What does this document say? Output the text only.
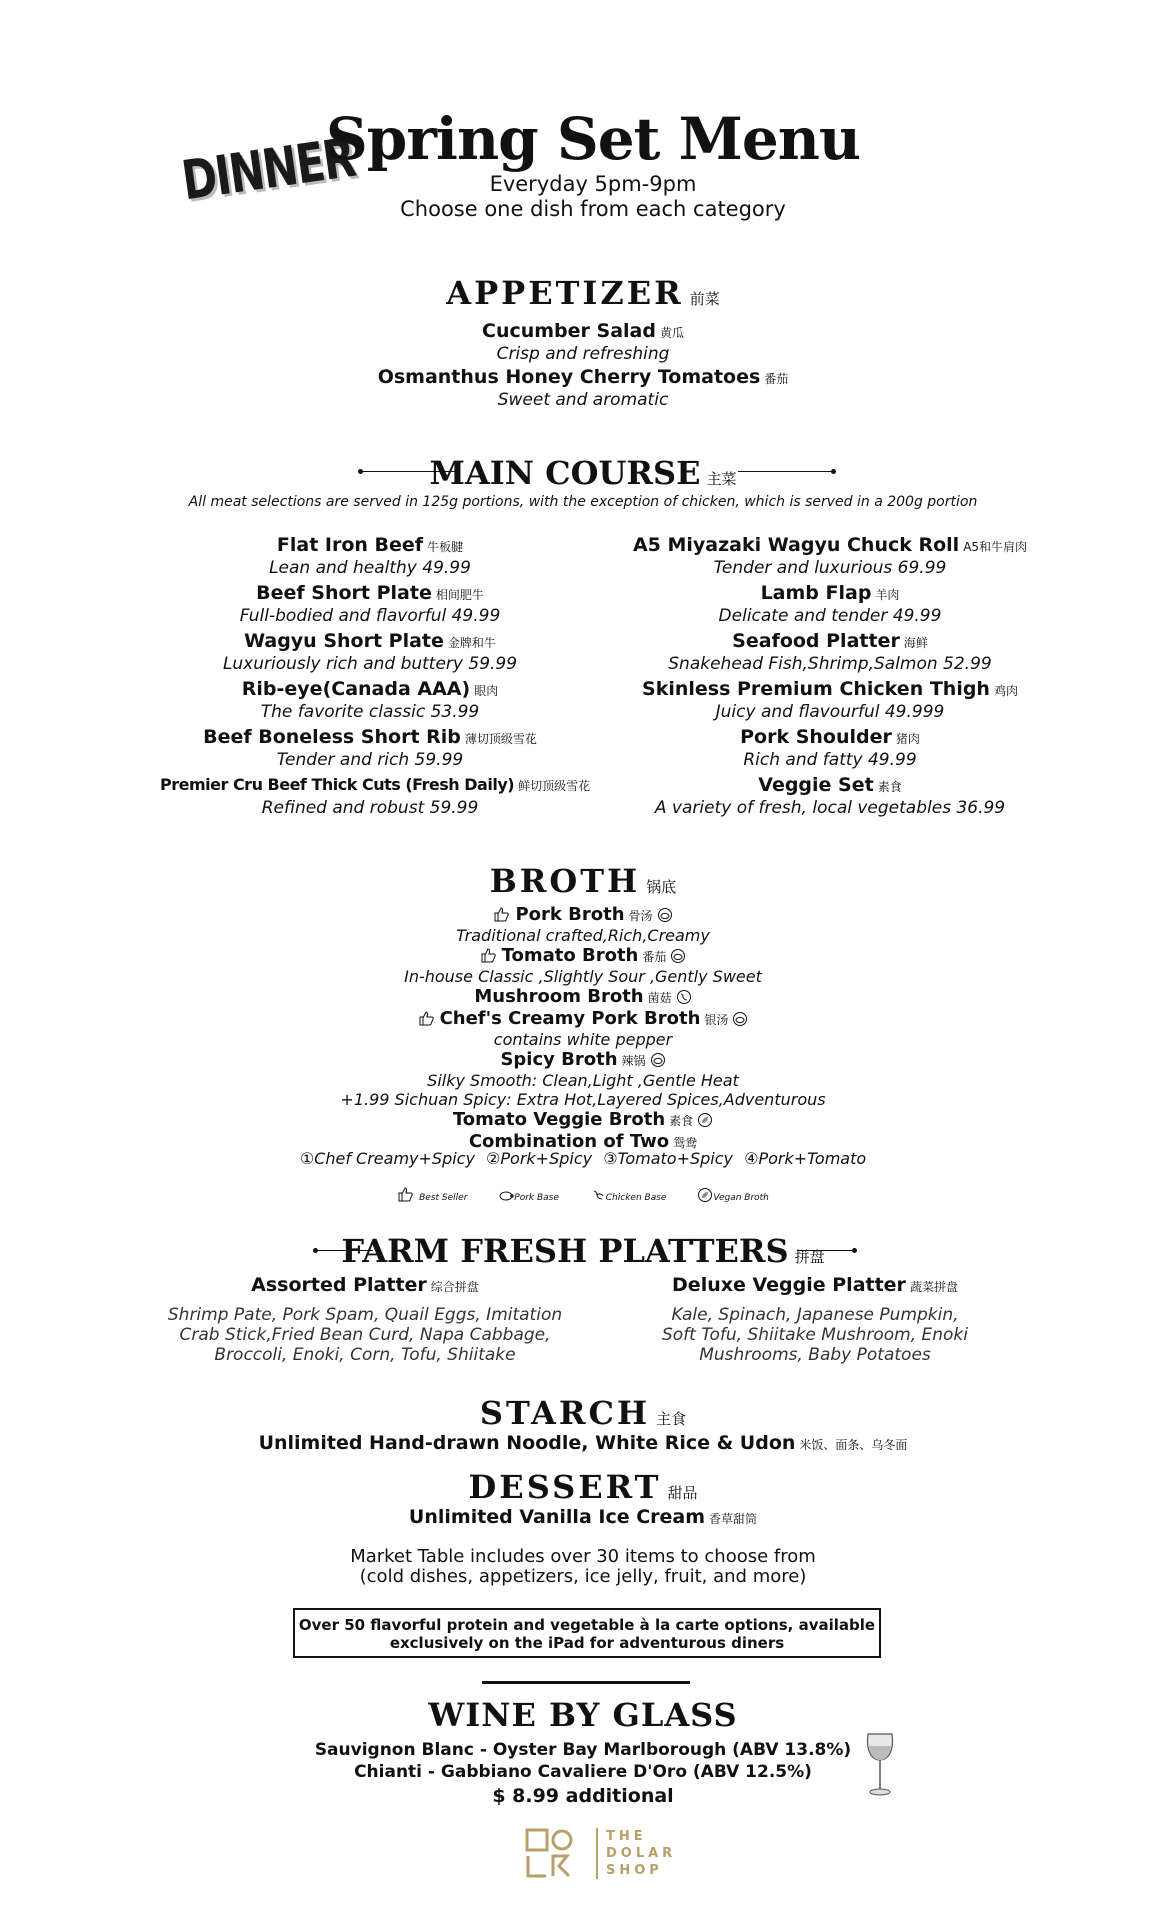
DINNER
Spring Set Menu
Everyday 5pm-9pm
Choose one dish from each category
APPETIZER 前菜
Cucumber Salad 黄瓜
Crisp and refreshing
Osmanthus Honey Cherry Tomatoes 番茄
Sweet and aromatic
MAIN COURSE 主菜
All meat selections are served in 125g portions, with the exception of chicken, which is served in a 200g portion
Flat Iron Beef 牛板腱
Lean and healthy 49.99
Beef Short Plate 相间肥牛
Full-bodied and flavorful 49.99
Wagyu Short Plate 金牌和牛
Luxuriously rich and buttery 59.99
Rib-eye(Canada AAA) 眼肉
The favorite classic 53.99
Beef Boneless Short Rib 薄切顶级雪花
Tender and rich 59.99
Premier Cru Beef Thick Cuts (Fresh Daily) 鲜切顶级雪花
Refined and robust 59.99
A5 Miyazaki Wagyu Chuck Roll A5和牛肩肉
Tender and luxurious 69.99
Lamb Flap 羊肉
Delicate and tender 49.99
Seafood Platter 海鲜
Snakehead Fish,Shrimp,Salmon 52.99
Skinless Premium Chicken Thigh 鸡肉
Juicy and flavourful 49.999
Pork Shoulder 猪肉
Rich and fatty 49.99
Veggie Set 素食
A variety of fresh, local vegetables 36.99
BROTH 锅底
Pork Broth 骨汤
Traditional crafted,Rich,Creamy
Tomato Broth 番茄
In-house Classic ,Slightly Sour ,Gently Sweet
Mushroom Broth 菌菇
Chef's Creamy Pork Broth 银汤
contains white pepper
Spicy Broth 辣锅
Silky Smooth: Clean,Light ,Gentle Heat
+1.99 Sichuan Spicy: Extra Hot,Layered Spices,Adventurous
Tomato Veggie Broth 素食
Combination of Two 鸳鸯
①Chef Creamy+Spicy ②Pork+Spicy ③Tomato+Spicy ④Pork+Tomato
Best Seller	Pork Base	Chicken Base	Vegan Broth
FARM FRESH PLATTERS 拼盘
Assorted Platter 综合拼盘
Shrimp Pate, Pork Spam, Quail Eggs, Imitation
Crab Stick,Fried Bean Curd, Napa Cabbage,
Broccoli, Enoki, Corn, Tofu, Shiitake
Deluxe Veggie Platter 蔬菜拼盘
Kale, Spinach, Japanese Pumpkin,
Soft Tofu, Shiitake Mushroom, Enoki
Mushrooms, Baby Potatoes
STARCH 主食
Unlimited Hand-drawn Noodle, White Rice & Udon 米饭、面条、乌冬面
DESSERT 甜品
Unlimited Vanilla Ice Cream 香草甜筒
Market Table includes over 30 items to choose from
(cold dishes, appetizers, ice jelly, fruit, and more)
Over 50 flavorful protein and vegetable à la carte options, available
exclusively on the iPad for adventurous diners
WINE BY GLASS
Sauvignon Blanc - Oyster Bay Marlborough (ABV 13.8%)
Chianti - Gabbiano Cavaliere D'Oro (ABV 12.5%)
$ 8.99 additional
THE
DOLAR
SHOP
